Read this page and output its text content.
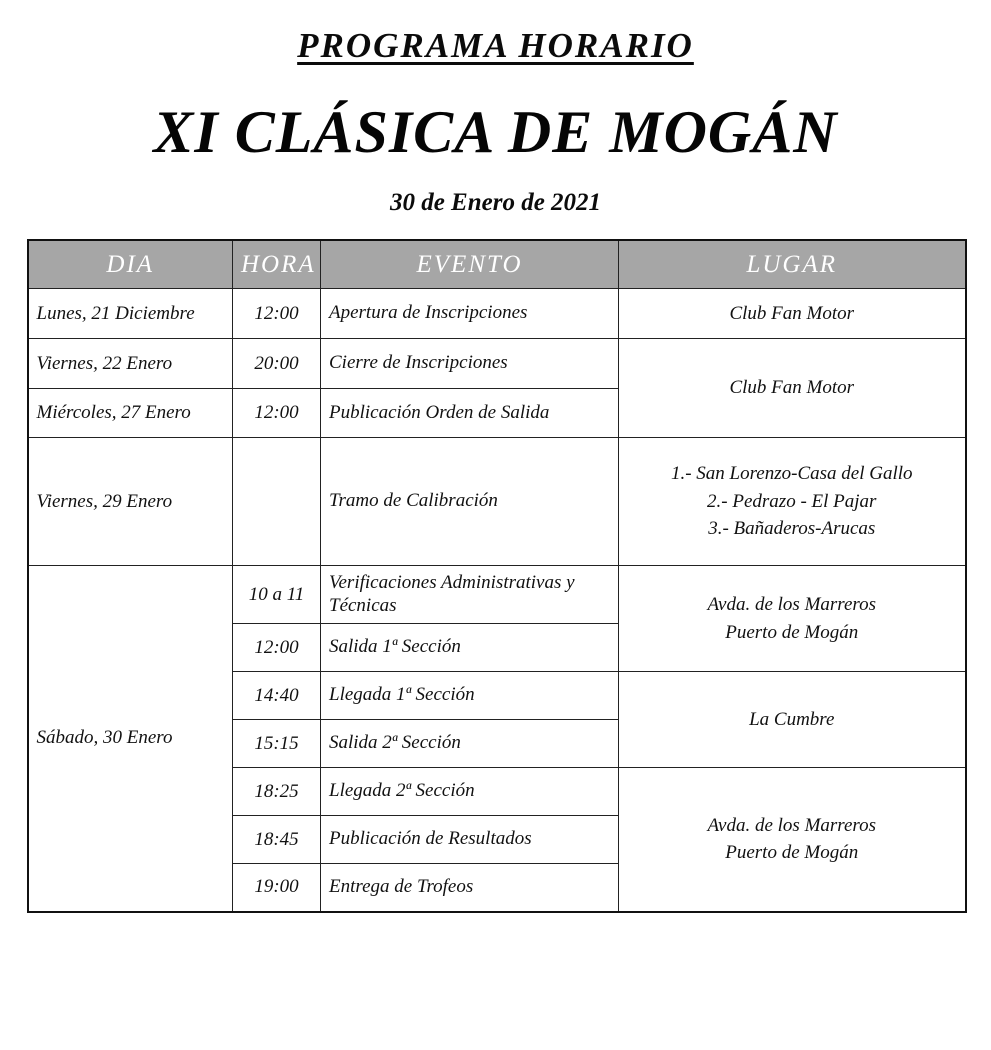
PROGRAMA HORARIO
XI CLÁSICA DE MOGÁN
30 de Enero de 2021
DIA	HORA	EVENTO	LUGAR
Lunes, 21 Diciembre	12:00	Apertura de Inscripciones	Club Fan Motor
Viernes, 22 Enero	20:00	Cierre de Inscripciones	Club Fan Motor
Miércoles, 27 Enero	12:00	Publicación Orden de Salida	
Viernes, 29 Enero		Tramo de Calibración	1.- San Lorenzo-Casa del Gallo
2.- Pedrazo - El Pajar
3.- Bañaderos-Arucas

Sábado, 30 Enero	10 a 11	Verificaciones Administrativas y Técnicas	Avda. de los Marreros
Puerto de Mogán

	12:00	Salida 1ª Sección	
	14:40	Llegada 1ª Sección	La Cumbre
	15:15	Salida 2ª Sección	
	18:25	Llegada 2ª Sección	Avda. de los Marreros
Puerto de Mogán

	18:45	Publicación de Resultados	
	19:00	Entrega de Trofeos	
